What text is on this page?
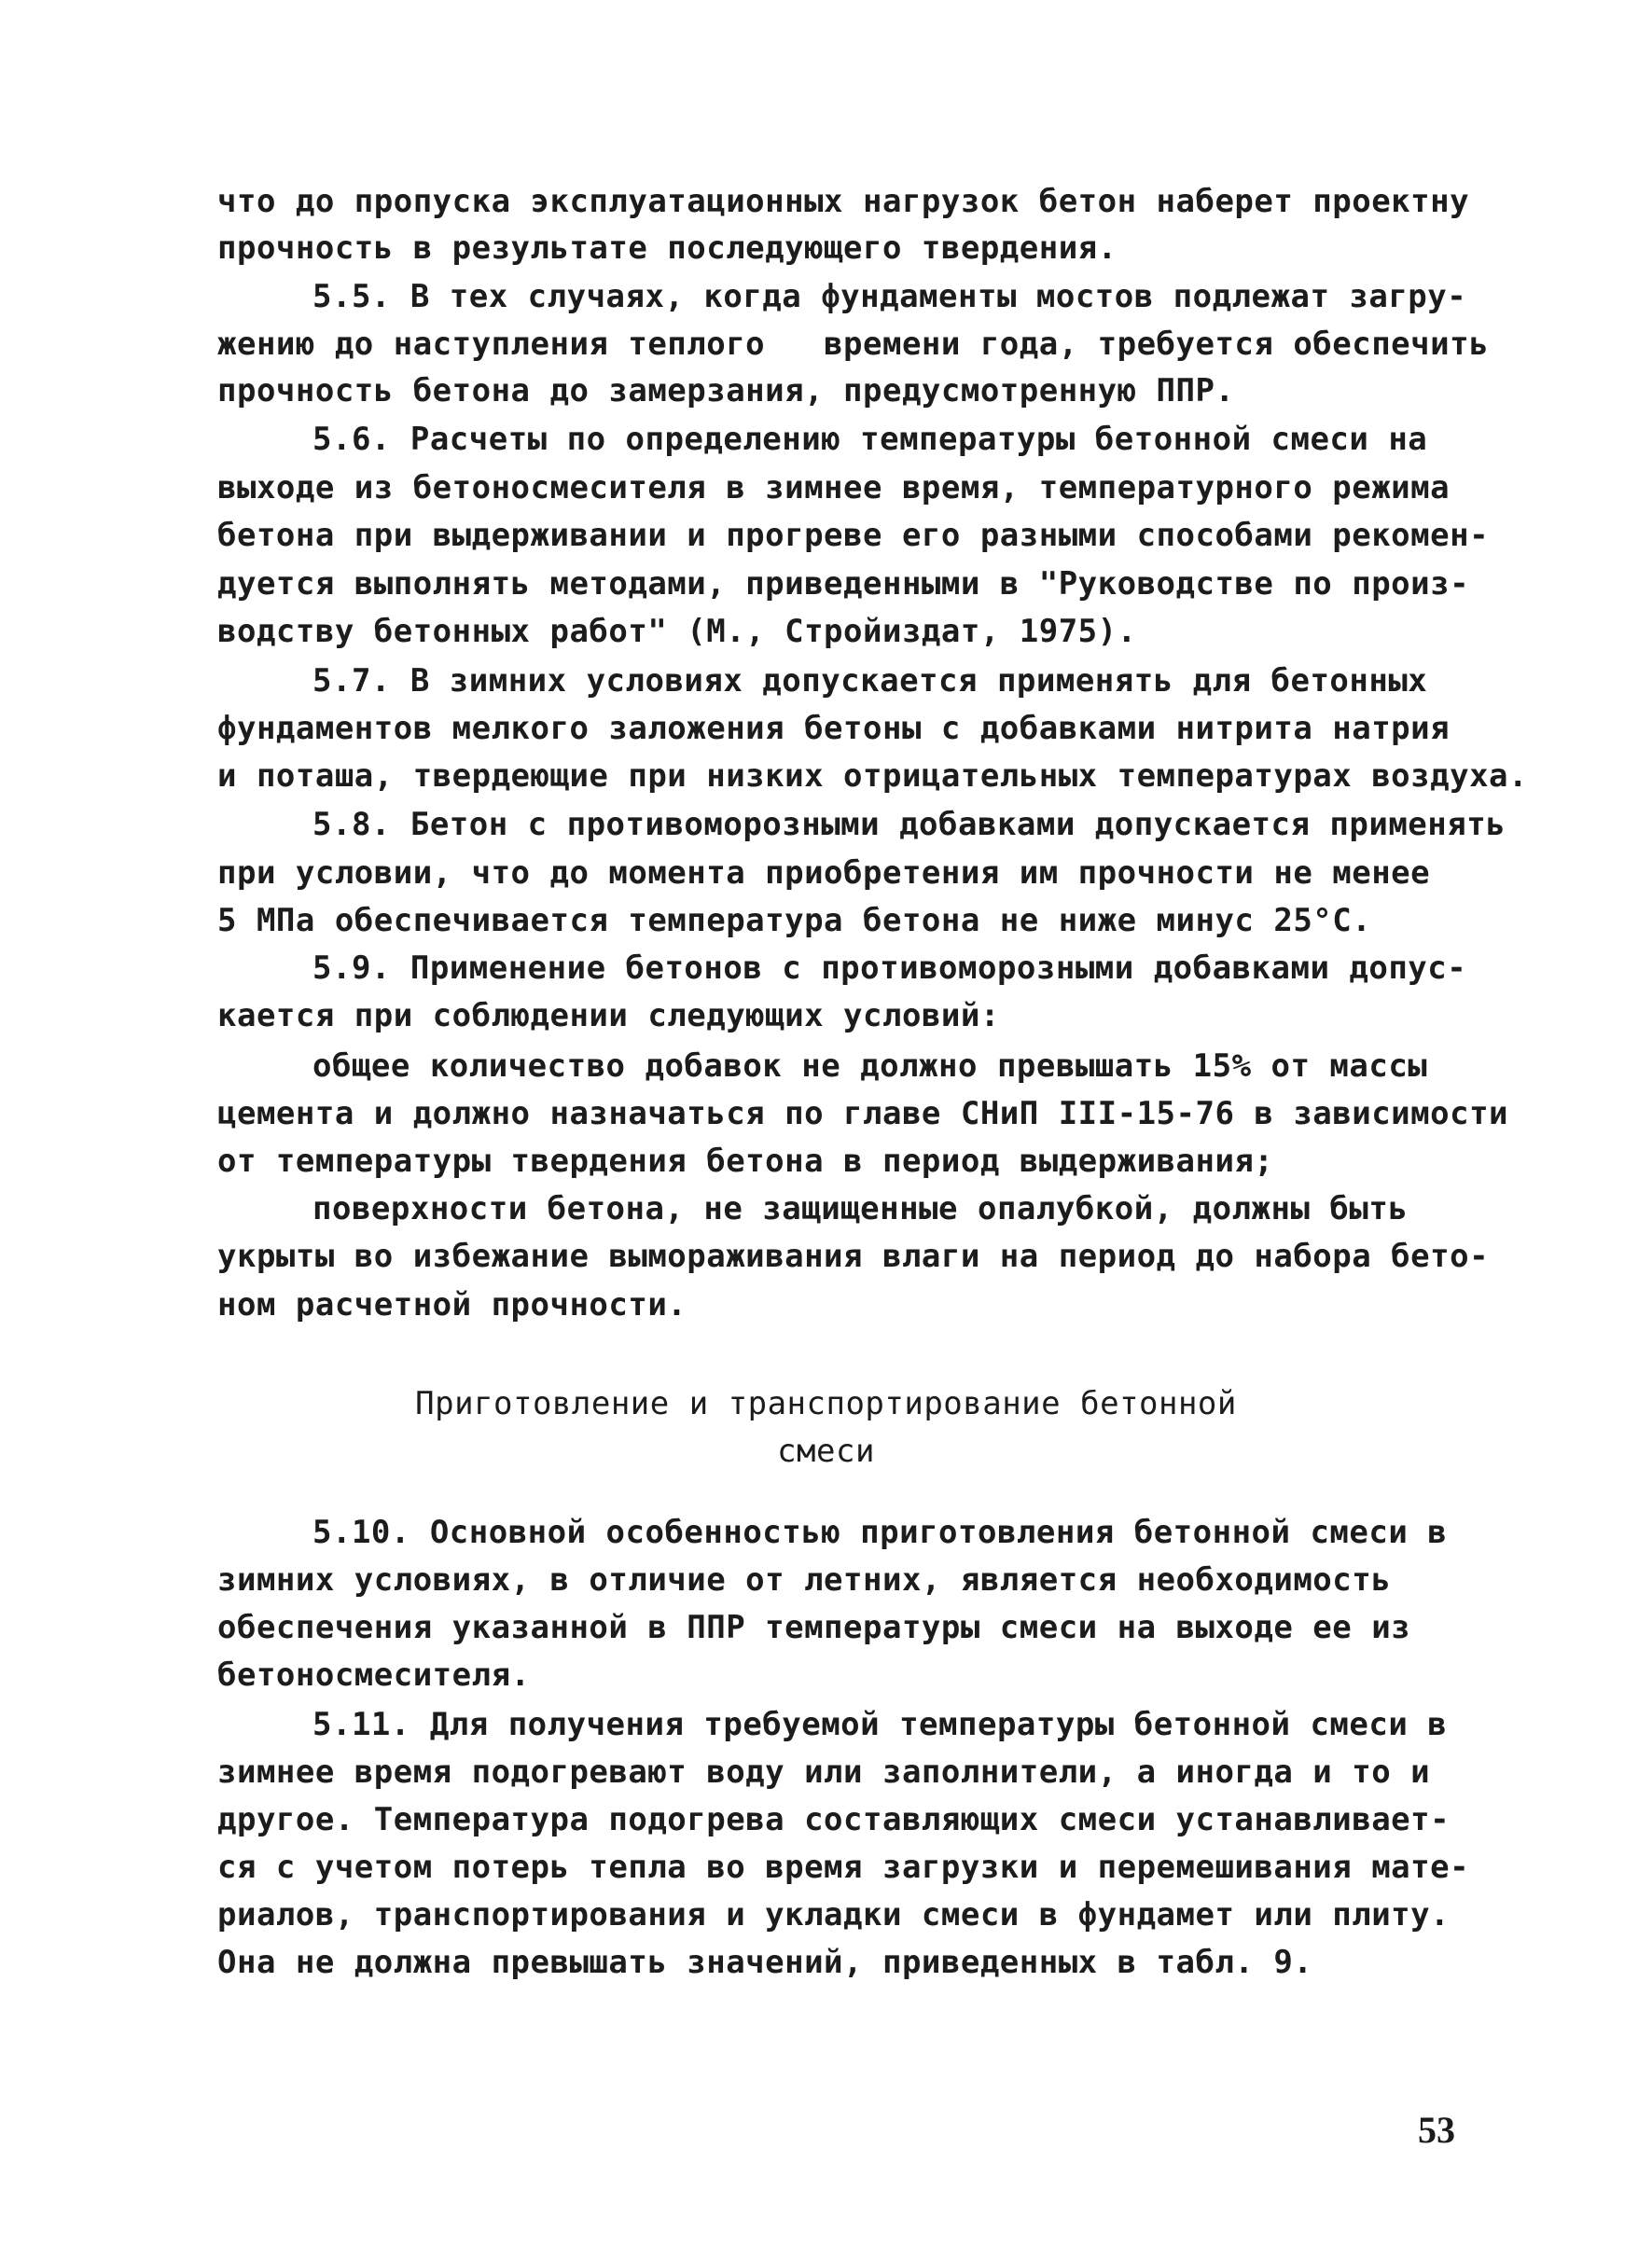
что до пропуска эксплуатационных нагрузок бетон наберет проектну
прочность в результате последующего твердения.
5.5. В тех случаях, когда фундаменты мостов подлежат загру-
жению до наступления теплого   времени года, требуется обеспечить
прочность бетона до замерзания, предусмотренную ППР.
5.6. Расчеты по определению температуры бетонной смеси на
выходе из бетоносмесителя в зимнее время, температурного режима
бетона при выдерживании и прогреве его разными способами рекомен-
дуется выполнять методами, приведенными в "Руководстве по произ-
водству бетонных работ" (М., Стройиздат, 1975).
5.7. В зимних условиях допускается применять для бетонных
фундаментов мелкого заложения бетоны с добавками нитрита натрия
и поташа, твердеющие при низких отрицательных температурах воздуха.
5.8. Бетон с противоморозными добавками допускается применять
при условии, что до момента приобретения им прочности не менее
5 МПа обеспечивается температура бетона не ниже минус 25°С.
5.9. Применение бетонов с противоморозными добавками допус-
кается при соблюдении следующих условий:
общее количество добавок не должно превышать 15% от массы
цемента и должно назначаться по главе СНиП III-15-76 в зависимости
от температуры твердения бетона в период выдерживания;
поверхности бетона, не защищенные опалубкой, должны быть
укрыты во избежание вымораживания влаги на период до набора бето-
ном расчетной прочности.
Приготовление и транспортирование бетонной
смеси
5.10. Основной особенностью приготовления бетонной смеси в
зимних условиях, в отличие от летних, является необходимость
обеспечения указанной в ППР температуры смеси на выходе ее из
бетоносмесителя.
5.11. Для получения требуемой температуры бетонной смеси в
зимнее время подогревают воду или заполнители, а иногда и то и
другое. Температура подогрева составляющих смеси устанавливает-
ся с учетом потерь тепла во время загрузки и перемешивания мате-
риалов, транспортирования и укладки смеси в фундамет или плиту.
Она не должна превышать значений, приведенных в табл. 9.
53
